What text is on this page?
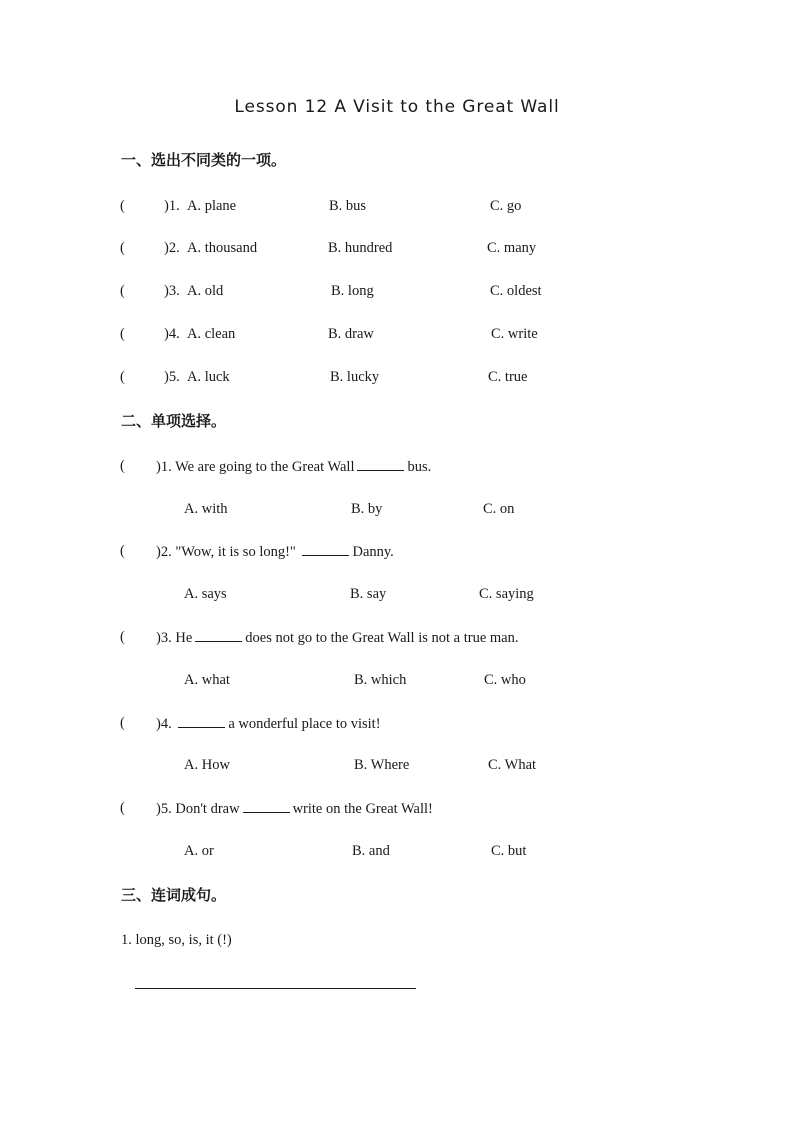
Lesson 12 A Visit to the Great Wall
一、选出不同类的一项。
(	)1. A. plane	B. bus	C. go
(	)2. A. thousand	B. hundred	C. many
(	)3. A. old	B. long	C. oldest
(	)4. A. clean	B. draw	C. write
(	)5. A. luck	B. lucky	C. true
二、单项选择。
( )1. We are going to the Great Wall	bus.
A. with	B. by	C. on
( )2. "Wow, it is so long!"	Danny.
A. says	B. say	C. saying
( )3. He	does not go to the Great Wall is not a true man.
A. what	B. which	C. who
( )4.	a wonderful place to visit!
A. How	B. Where	C. What
( )5. Don't draw	write on the Great Wall!
A. or	B. and	C. but
三、连词成句。
1. long, so, is, it (!)
